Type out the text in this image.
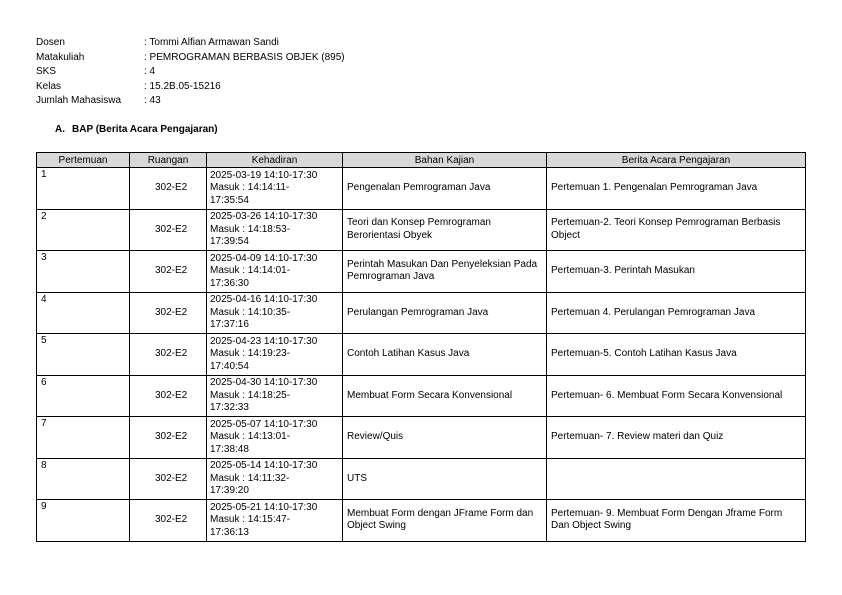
Dosen	: Tommi Alfian Armawan Sandi
Matakuliah	: PEMROGRAMAN BERBASIS OBJEK (895)
SKS	: 4
Kelas	: 15.2B.05-15216
Jumlah Mahasiswa	: 43
A. BAP (Berita Acara Pengajaran)
Pertemuan	Ruangan	Kehadiran	Bahan Kajian	Berita Acara Pengajaran
1	302-E2	2025-03-19 14:10-17:30
Masuk : 14:14:11-
17:35:54	Pengenalan Pemrograman Java	Pertemuan 1. Pengenalan Pemrograman Java
2	302-E2	2025-03-26 14:10-17:30
Masuk : 14:18:53-
17:39:54	Teori dan Konsep Pemrograman Berorientasi Obyek	Pertemuan-2. Teori Konsep Pemrograman Berbasis Object
3	302-E2	2025-04-09 14:10-17:30
Masuk : 14:14:01-
17:36:30	Perintah Masukan Dan Penyeleksian Pada Pemrograman Java	Pertemuan-3. Perintah Masukan
4	302-E2	2025-04-16 14:10-17:30
Masuk : 14:10:35-
17:37:16	Perulangan Pemrograman Java	Pertemuan 4. Perulangan Pemrograman Java
5	302-E2	2025-04-23 14:10-17:30
Masuk : 14:19:23-
17:40:54	Contoh Latihan Kasus Java	Pertemuan-5. Contoh Latihan Kasus Java
6	302-E2	2025-04-30 14:10-17:30
Masuk : 14:18:25-
17:32:33	Membuat Form Secara Konvensional	Pertemuan- 6. Membuat Form Secara Konvensional
7	302-E2	2025-05-07 14:10-17:30
Masuk : 14:13:01-
17:38:48	Review/Quis	Pertemuan- 7. Review materi dan Quiz
8	302-E2	2025-05-14 14:10-17:30
Masuk : 14:11:32-
17:39:20	UTS	
9	302-E2	2025-05-21 14:10-17:30
Masuk : 14:15:47-
17:36:13	Membuat Form dengan JFrame Form dan Object Swing	Pertemuan- 9. Membuat Form Dengan Jframe Form Dan Object Swing
